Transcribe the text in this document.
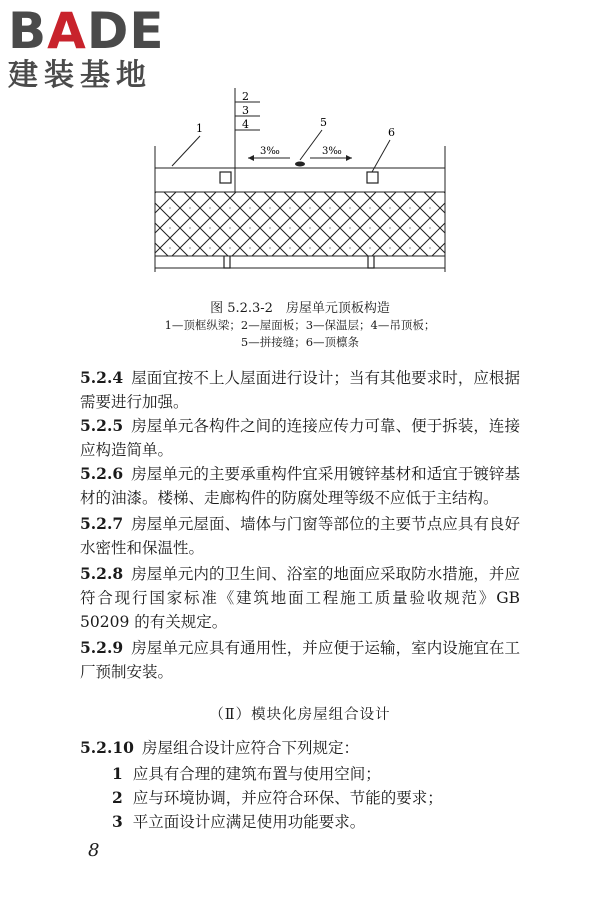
BADE
建装基地
2
3
4
1	5
6
3‰	3‰
图 5.2.3-2　房屋单元顶板构造
1—顶框纵梁；2—屋面板；3—保温层；4—吊顶板；
5—拼接缝；6—顶檩条
5.2.4 屋面宜按不上人屋面进行设计；当有其他要求时，应根据需要进行加强。
5.2.5 房屋单元各构件之间的连接应传力可靠、便于拆装，连接应构造简单。
5.2.6 房屋单元的主要承重构件宜采用镀锌基材和适宜于镀锌基材的油漆。楼梯、走廊构件的防腐处理等级不应低于主结构。
5.2.7 房屋单元屋面、墙体与门窗等部位的主要节点应具有良好水密性和保温性。
5.2.8 房屋单元内的卫生间、浴室的地面应采取防水措施，并应符合现行国家标准《建筑地面工程施工质量验收规范》GB 50209 的有关规定。
5.2.9 房屋单元应具有通用性，并应便于运输，室内设施宜在工厂预制安装。
（Ⅱ）模块化房屋组合设计
5.2.10 房屋组合设计应符合下列规定：
1 应具有合理的建筑布置与使用空间；
2 应与环境协调，并应符合环保、节能的要求；
3 平立面设计应满足使用功能要求。
8
